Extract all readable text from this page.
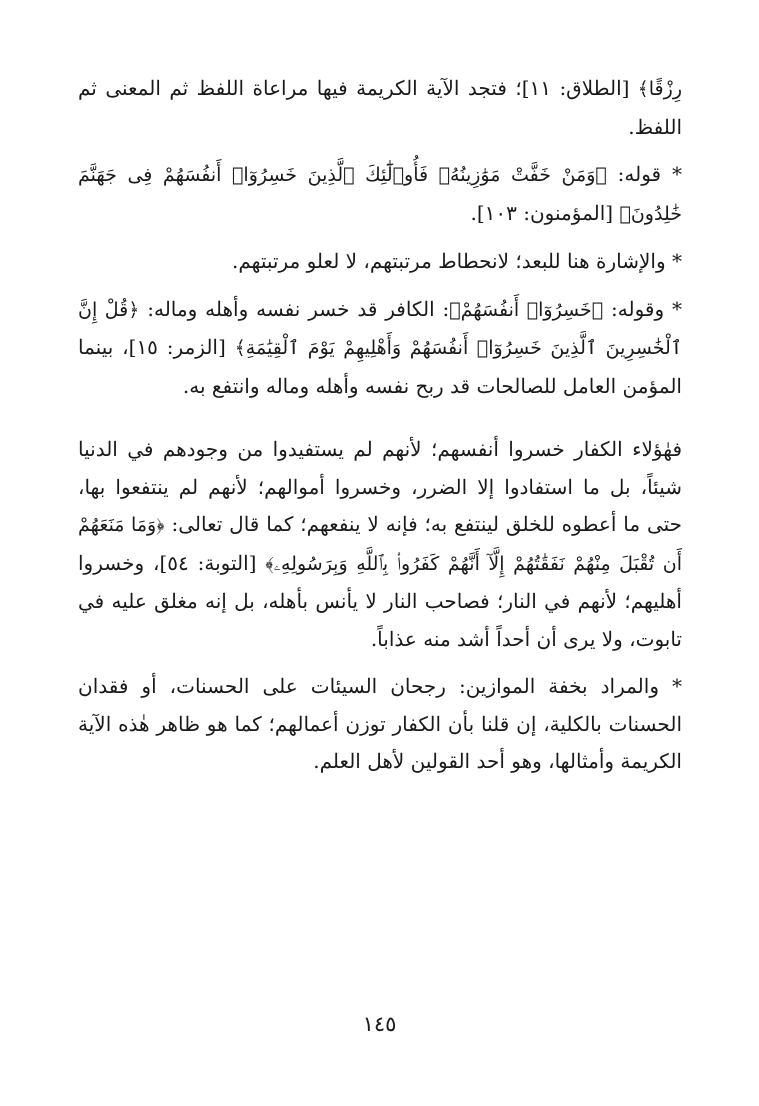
رِزْقًا﴾ [الطلاق: ١١]؛ فتجد الآية الكريمة فيها مراعاة اللفظ ثم المعنى ثم اللفظ.

* قوله: ﴿وَمَنْ خَفَّتْ مَوَٰزِينُهُۥ فَأُو۟لَٰٓئِكَ ٱلَّذِينَ خَسِرُوٓا۟ أَنفُسَهُمْ فِى جَهَنَّمَ خَٰلِدُونَ﴾ [المؤمنون: ١٠٣].

* والإشارة هنا للبعد؛ لانحطاط مرتبتهم، لا لعلو مرتبتهم.

* وقوله: ﴿خَسِرُوٓا۟ أَنفُسَهُمْ﴾: الكافر قد خسر نفسه وأهله وماله: ﴿قُلْ إِنَّ ٱلْخَٰسِرِينَ ٱلَّذِينَ خَسِرُوٓا۟ أَنفُسَهُمْ وَأَهْلِيهِمْ يَوْمَ ٱلْقِيَٰمَةِ﴾ [الزمر: ١٥]، بينما المؤمن العامل للصالحات قد ربح نفسه وأهله وماله وانتفع به.

فهٰؤلاء الكفار خسروا أنفسهم؛ لأنهم لم يستفيدوا من وجودهم في الدنيا شيئاً، بل ما استفادوا إلا الضرر، وخسروا أموالهم؛ لأنهم لم ينتفعوا بها، حتى ما أعطوه للخلق لينتفع به؛ فإنه لا ينفعهم؛ كما قال تعالى: ﴿وَمَا مَنَعَهُمْ أَن تُقْبَلَ مِنْهُمْ نَفَقَٰتُهُمْ إِلَّآ أَنَّهُمْ كَفَرُوا۟ بِٱللَّهِ وَبِرَسُولِهِۦ﴾ [التوبة: ٥٤]، وخسروا أهليهم؛ لأنهم في النار؛ فصاحب النار لا يأنس بأهله، بل إنه مغلق عليه في تابوت، ولا يرى أن أحداً أشد منه عذاباً.

* والمراد بخفة الموازين: رجحان السيئات على الحسنات، أو فقدان الحسنات بالكلية، إن قلنا بأن الكفار توزن أعمالهم؛ كما هو ظاهر هٰذه الآية الكريمة وأمثالها، وهو أحد القولين لأهل العلم.

١٤٥
